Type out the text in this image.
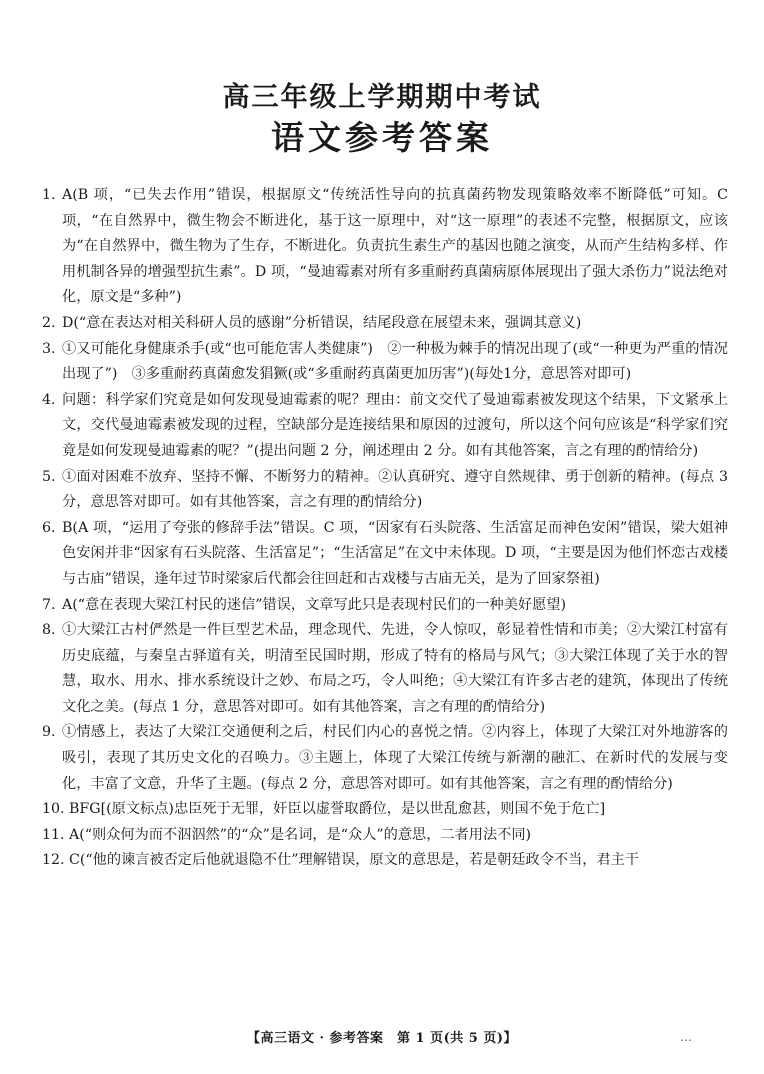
高三年级上学期期中考试
语文参考答案

1. A(B 项，“已失去作用”错误，根据原文“传统活性导向的抗真菌药物发现策略效率不断降低”可知。C 项，“在自然界中，微生物会不断进化，基于这一原理中，对“这一原理”的表述不完整，根据原文，应该为“在自然界中，微生物为了生存，不断进化。负责抗生素生产的基因也随之演变，从而产生结构多样、作用机制各异的增强型抗生素”。D 项，“曼迪霉素对所有多重耐药真菌病原体展现出了强大杀伤力”说法绝对化，原文是“多种”)

2. D(“意在表达对相关科研人员的感谢”分析错误，结尾段意在展望未来，强调其意义)

3. ①又可能化身健康杀手(或“也可能危害人类健康”)　②一种极为棘手的情况出现了(或“一种更为严重的情况出现了”)　③多重耐药真菌愈发猖獗(或“多重耐药真菌更加历害”)(每处1分，意思答对即可)

4. 问题：科学家们究竟是如何发现曼迪霉素的呢？理由：前文交代了曼迪霉素被发现这个结果，下文紧承上文，交代曼迪霉素被发现的过程，空缺部分是连接结果和原因的过渡句，所以这个问句应该是“科学家们究竟是如何发现曼迪霉素的呢？”(提出问题 2 分，阐述理由 2 分。如有其他答案，言之有理的酌情给分)

5. ①面对困难不放弃、坚持不懈、不断努力的精神。②认真研究、遵守自然规律、勇于创新的精神。(每点 3 分，意思答对即可。如有其他答案，言之有理的酌情给分)

6. B(A 项，“运用了夸张的修辞手法”错误。C 项，“因家有石头院落、生活富足而神色安闲”错误，梁大姐神色安闲并非“因家有石头院落、生活富足”；“生活富足”在文中未体现。D 项，“主要是因为他们怀恋古戏楼与古庙”错误，逢年过节时梁家后代都会往回赶和古戏楼与古庙无关，是为了回家祭祖)

7. A(“意在表现大梁江村民的迷信”错误，文章写此只是表现村民们的一种美好愿望)

8. ①大梁江古村俨然是一件巨型艺术品，理念现代、先进，令人惊叹，彰显着性情和市美；②大梁江村富有历史底蕴，与秦皇古驿道有关，明清至民国时期，形成了特有的格局与风气；③大梁江体现了关于水的智慧，取水、用水、排水系统设计之妙、布局之巧，令人叫绝；④大梁江有许多古老的建筑，体现出了传统文化之美。(每点 1 分，意思答对即可。如有其他答案，言之有理的酌情给分)

9. ①情感上，表达了大梁江交通便利之后，村民们内心的喜悦之情。②内容上，体现了大梁江对外地游客的吸引，表现了其历史文化的召唤力。③主题上，体现了大梁江传统与新潮的融汇、在新时代的发展与变化，丰富了文意，升华了主题。(每点 2 分，意思答对即可。如有其他答案，言之有理的酌情给分)

10. BFG[(原文标点)忠臣死于无罪，奸臣以虚誉取爵位，是以世乱愈甚，则国不免于危亡]

11. A(“则众何为而不泅泅然”的“众”是名词，是“众人”的意思，二者用法不同)

12. C(“他的谏言被否定后他就退隐不仕”理解错误，原文的意思是，若是朝廷政令不当，君主干

【高三语文 · 参考答案　第 1 页(共 5 页)】	…
